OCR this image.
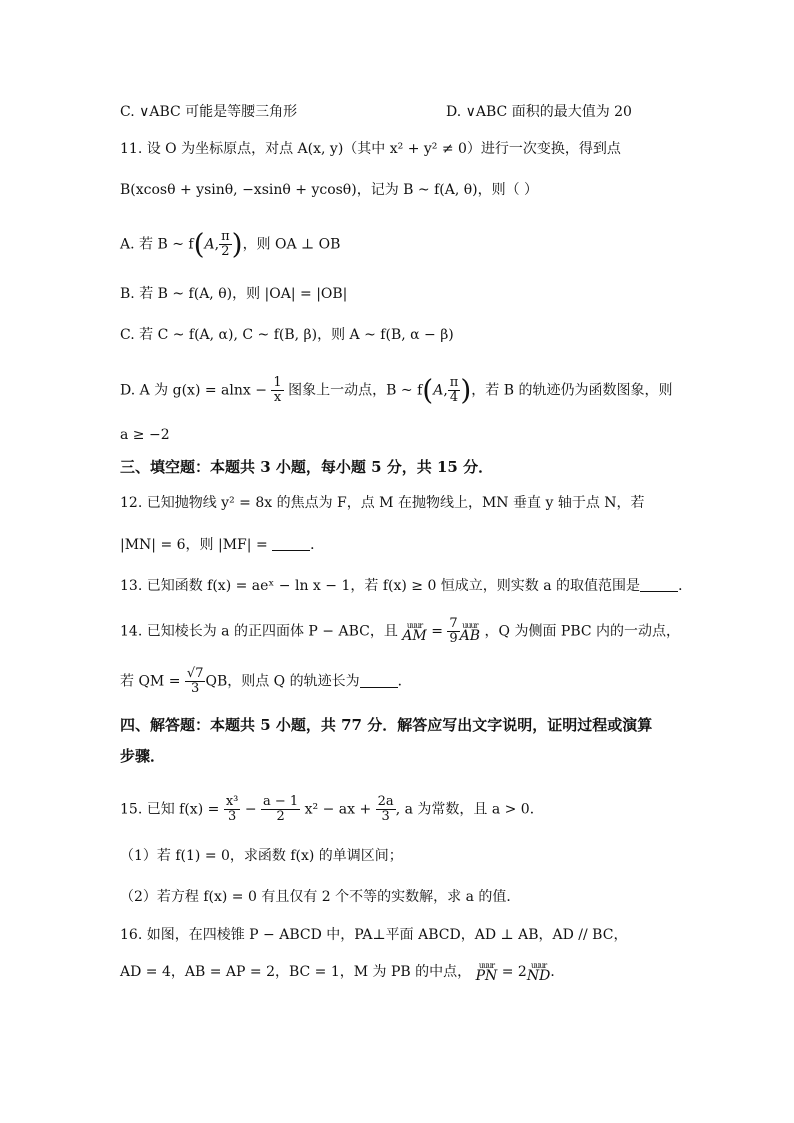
C. ∨ABC 可能是等腰三角形	D. ∨ABC 面积的最大值为 20
11. 设 O 为坐标原点，对点 A(x, y)（其中 x² + y² ≠ 0）进行一次变换，得到点
B(xcosθ + ysinθ, −xsinθ + ycosθ)，记为 B ~ f(A, θ)，则（ ）
A. 若 B ~ f(A, $\frac{\pi}{2}$ )，则 OA ⊥ OB
B. 若 B ~ f(A, θ)，则 |OA| = |OB|
C. 若 C ~ f(A, α), C ~ f(B, β)，则 A ~ f(B, α − β)
D. A 为 $g(x) = alnx - \frac{1}{x}$ 图象上一动点，B ~ f(A, $\frac{\pi}{4}$ )，若 B 的轨迹仍为函数图象，则
a ≥ −2
三、填空题：本题共 3 小题，每小题 5 分，共 15 分．
12. 已知抛物线 y² = 8x 的焦点为 F，点 M 在抛物线上，MN 垂直 y 轴于点 N，若
|MN| = 6，则 |MF| =	．
13. 已知函数 f(x) = aeˣ − ln x − 1，若 f(x) ≥ 0 恒成立，则实数 a 的取值范围是	．
14. 已知棱长为 a 的正四面体 P − ABC，且	uuur
AM = $\frac{7}{9}$ uuur
AB ，Q 为侧面 PBC 内的一动点，
若 QM = $\frac{√7}{3}$ QB，则点 Q 的轨迹长为	．
四、解答题：本题共 5 小题，共 77 分．解答应写出文字说明，证明过程或演算
步骤．
15. 已知 $f(x) = \frac{\text{x³}}{3} - \frac{a - 1}{2} x^2$ − ax + $\frac{2a}{3}$ , a 为常数，且 a > 0．
（1）若 f(1) = 0，求函数 f(x) 的单调区间；
（2）若方程 f(x) = 0 有且仅有 2 个不等的实数解，求 a 的值．
16. 如图，在四棱锥 P − ABCD 中，PA⊥平面 ABCD，AD ⊥ AB，AD // BC，
AD = 4，AB = AP = 2，BC = 1，M 为 PB 的中点， uuur
PN = 2 uuur
ND．
